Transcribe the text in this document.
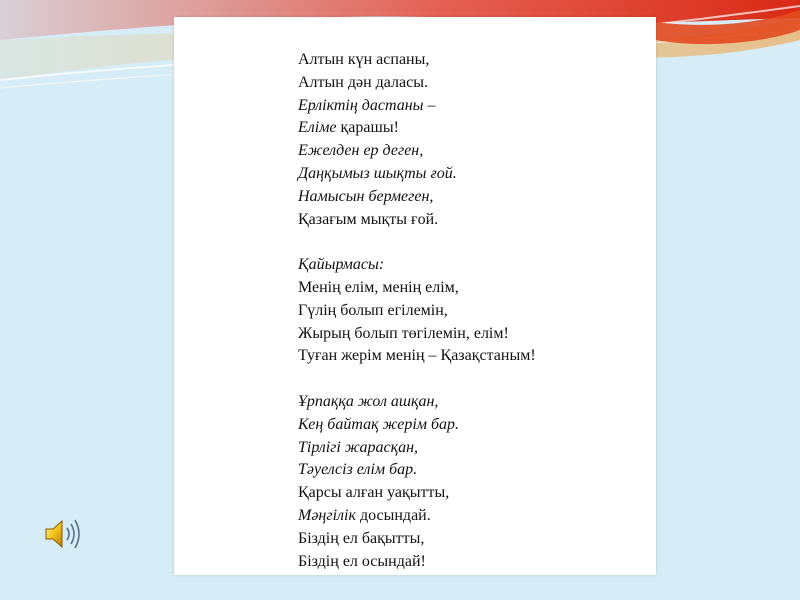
Алтын күн аспаны,
Алтын дән даласы.
Ерліктің дастаны –
Еліме қарашы!
Ежелден ер деген,
Даңқымыз шықты ғой.
Намысын бермеген,
Қазағым мықты ғой.
Қайырмасы:
Менің елім, менің елім,
Гүлің болып егілемін,
Жырың болып төгілемін, елім!
Туған жерім менің – Қазақстаным!
Ұрпаққа жол ашқан,
Кең байтақ жерім бар.
Тірлігі жарасқан,
Тәуелсіз елім бар.
Қарсы алған уақытты,
Мәңгілік досындай.
Біздің ел бақытты,
Біздің ел осындай!
